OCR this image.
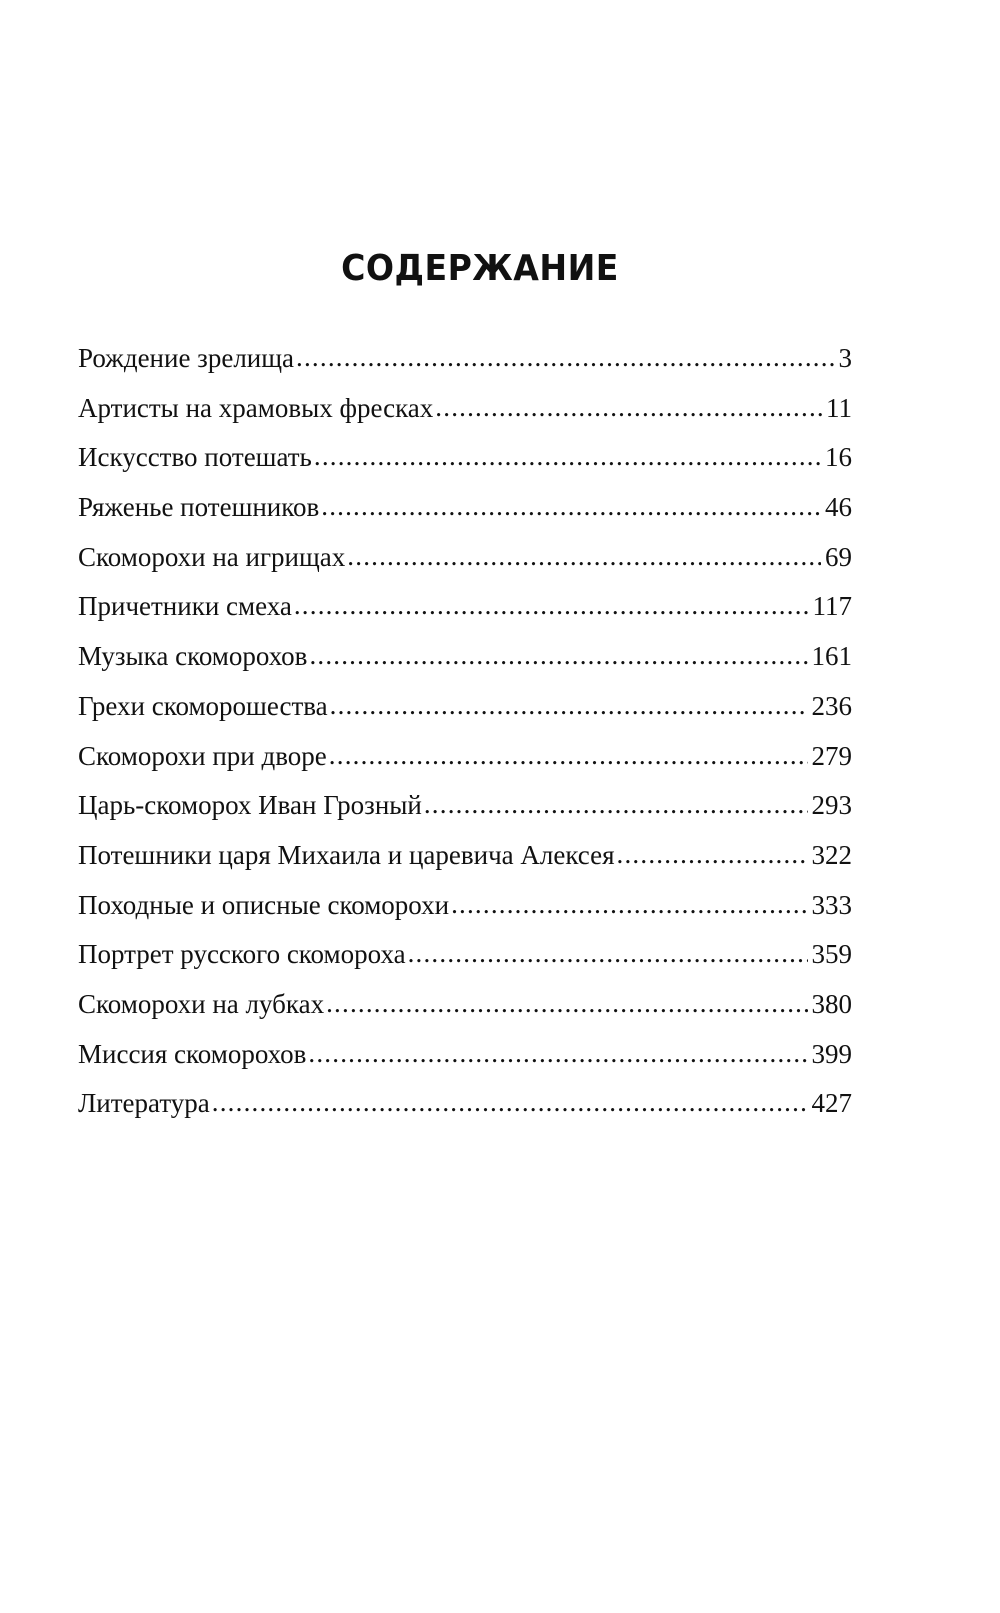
СОДЕРЖАНИЕ
Рождение зрелища .....	3
Артисты на храмовых фресках .....	11
Искусство потешать .....	16
Ряженье потешников .....	46
Скоморохи на игрищах .....	69
Причетники смеха .....	117
Музыка скоморохов .....	161
Грехи скоморошества .....	236
Скоморохи при дворе .....	279
Царь-скоморох Иван Грозный .....	293
Потешники царя Михаила и царевича Алексея .....	322
Походные и описные скоморохи .....	333
Портрет русского скомороха .....	359
Скоморохи на лубках .....	380
Миссия скоморохов .....	399
Литература .....	427
